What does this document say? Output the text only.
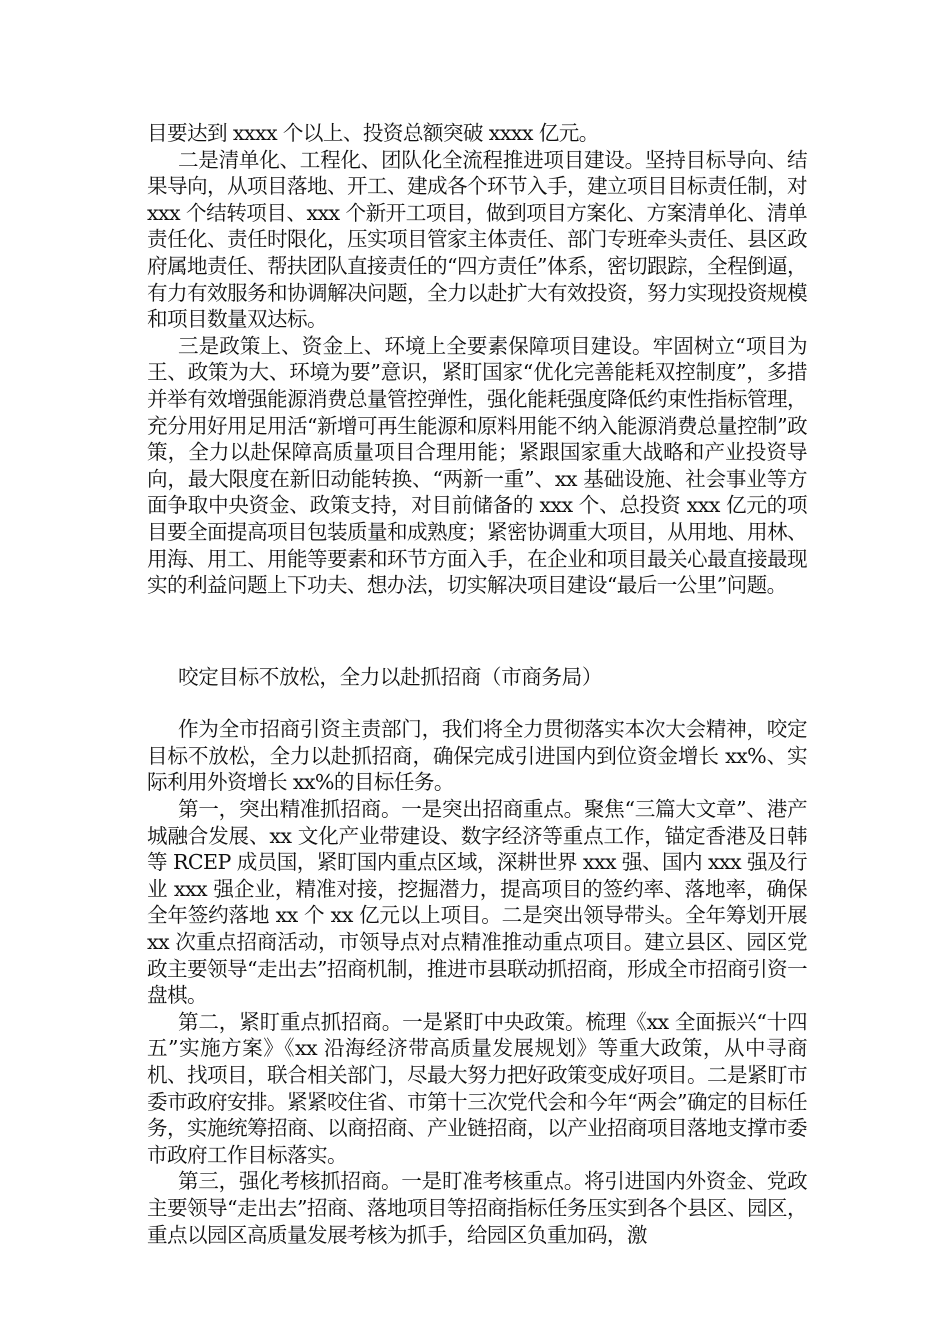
目要达到 xxxx 个以上、投资总额突破 xxxx 亿元。

二是清单化、工程化、团队化全流程推进项目建设。坚持目标导向、结果导向，从项目落地、开工、建成各个环节入手，建立项目目标责任制，对 xxx 个结转项目、xxx 个新开工项目，做到项目方案化、方案清单化、清单责任化、责任时限化，压实项目管家主体责任、部门专班牵头责任、县区政府属地责任、帮扶团队直接责任的“四方责任”体系，密切跟踪，全程倒逼，有力有效服务和协调解决问题，全力以赴扩大有效投资，努力实现投资规模和项目数量双达标。

三是政策上、资金上、环境上全要素保障项目建设。牢固树立“项目为王、政策为大、环境为要”意识，紧盯国家“优化完善能耗双控制度”，多措并举有效增强能源消费总量管控弹性，强化能耗强度降低约束性指标管理，充分用好用足用活“新增可再生能源和原料用能不纳入能源消费总量控制”政策，全力以赴保障高质量项目合理用能；紧跟国家重大战略和产业投资导向，最大限度在新旧动能转换、“两新一重”、xx 基础设施、社会事业等方面争取中央资金、政策支持，对目前储备的 xxx 个、总投资 xxx 亿元的项目要全面提高项目包装质量和成熟度；紧密协调重大项目，从用地、用林、用海、用工、用能等要素和环节方面入手，在企业和项目最关心最直接最现实的利益问题上下功夫、想办法，切实解决项目建设“最后一公里”问题。

咬定目标不放松，全力以赴抓招商（市商务局）

作为全市招商引资主责部门，我们将全力贯彻落实本次大会精神，咬定目标不放松，全力以赴抓招商，确保完成引进国内到位资金增长 xx%、实际利用外资增长 xx%的目标任务。

第一，突出精准抓招商。一是突出招商重点。聚焦“三篇大文章”、港产城融合发展、xx 文化产业带建设、数字经济等重点工作，锚定香港及日韩等 RCEP 成员国，紧盯国内重点区域，深耕世界 xxx 强、国内 xxx 强及行业 xxx 强企业，精准对接，挖掘潜力，提高项目的签约率、落地率，确保全年签约落地 xx 个 xx 亿元以上项目。二是突出领导带头。全年筹划开展 xx 次重点招商活动，市领导点对点精准推动重点项目。建立县区、园区党政主要领导“走出去”招商机制，推进市县联动抓招商，形成全市招商引资一盘棋。

第二，紧盯重点抓招商。一是紧盯中央政策。梳理《xx 全面振兴“十四五”实施方案》《xx 沿海经济带高质量发展规划》等重大政策，从中寻商机、找项目，联合相关部门，尽最大努力把好政策变成好项目。二是紧盯市委市政府安排。紧紧咬住省、市第十三次党代会和今年“两会”确定的目标任务，实施统筹招商、以商招商、产业链招商，以产业招商项目落地支撑市委市政府工作目标落实。

第三，强化考核抓招商。一是盯准考核重点。将引进国内外资金、党政主要领导“走出去”招商、落地项目等招商指标任务压实到各个县区、园区，重点以园区高质量发展考核为抓手，给园区负重加码，激
